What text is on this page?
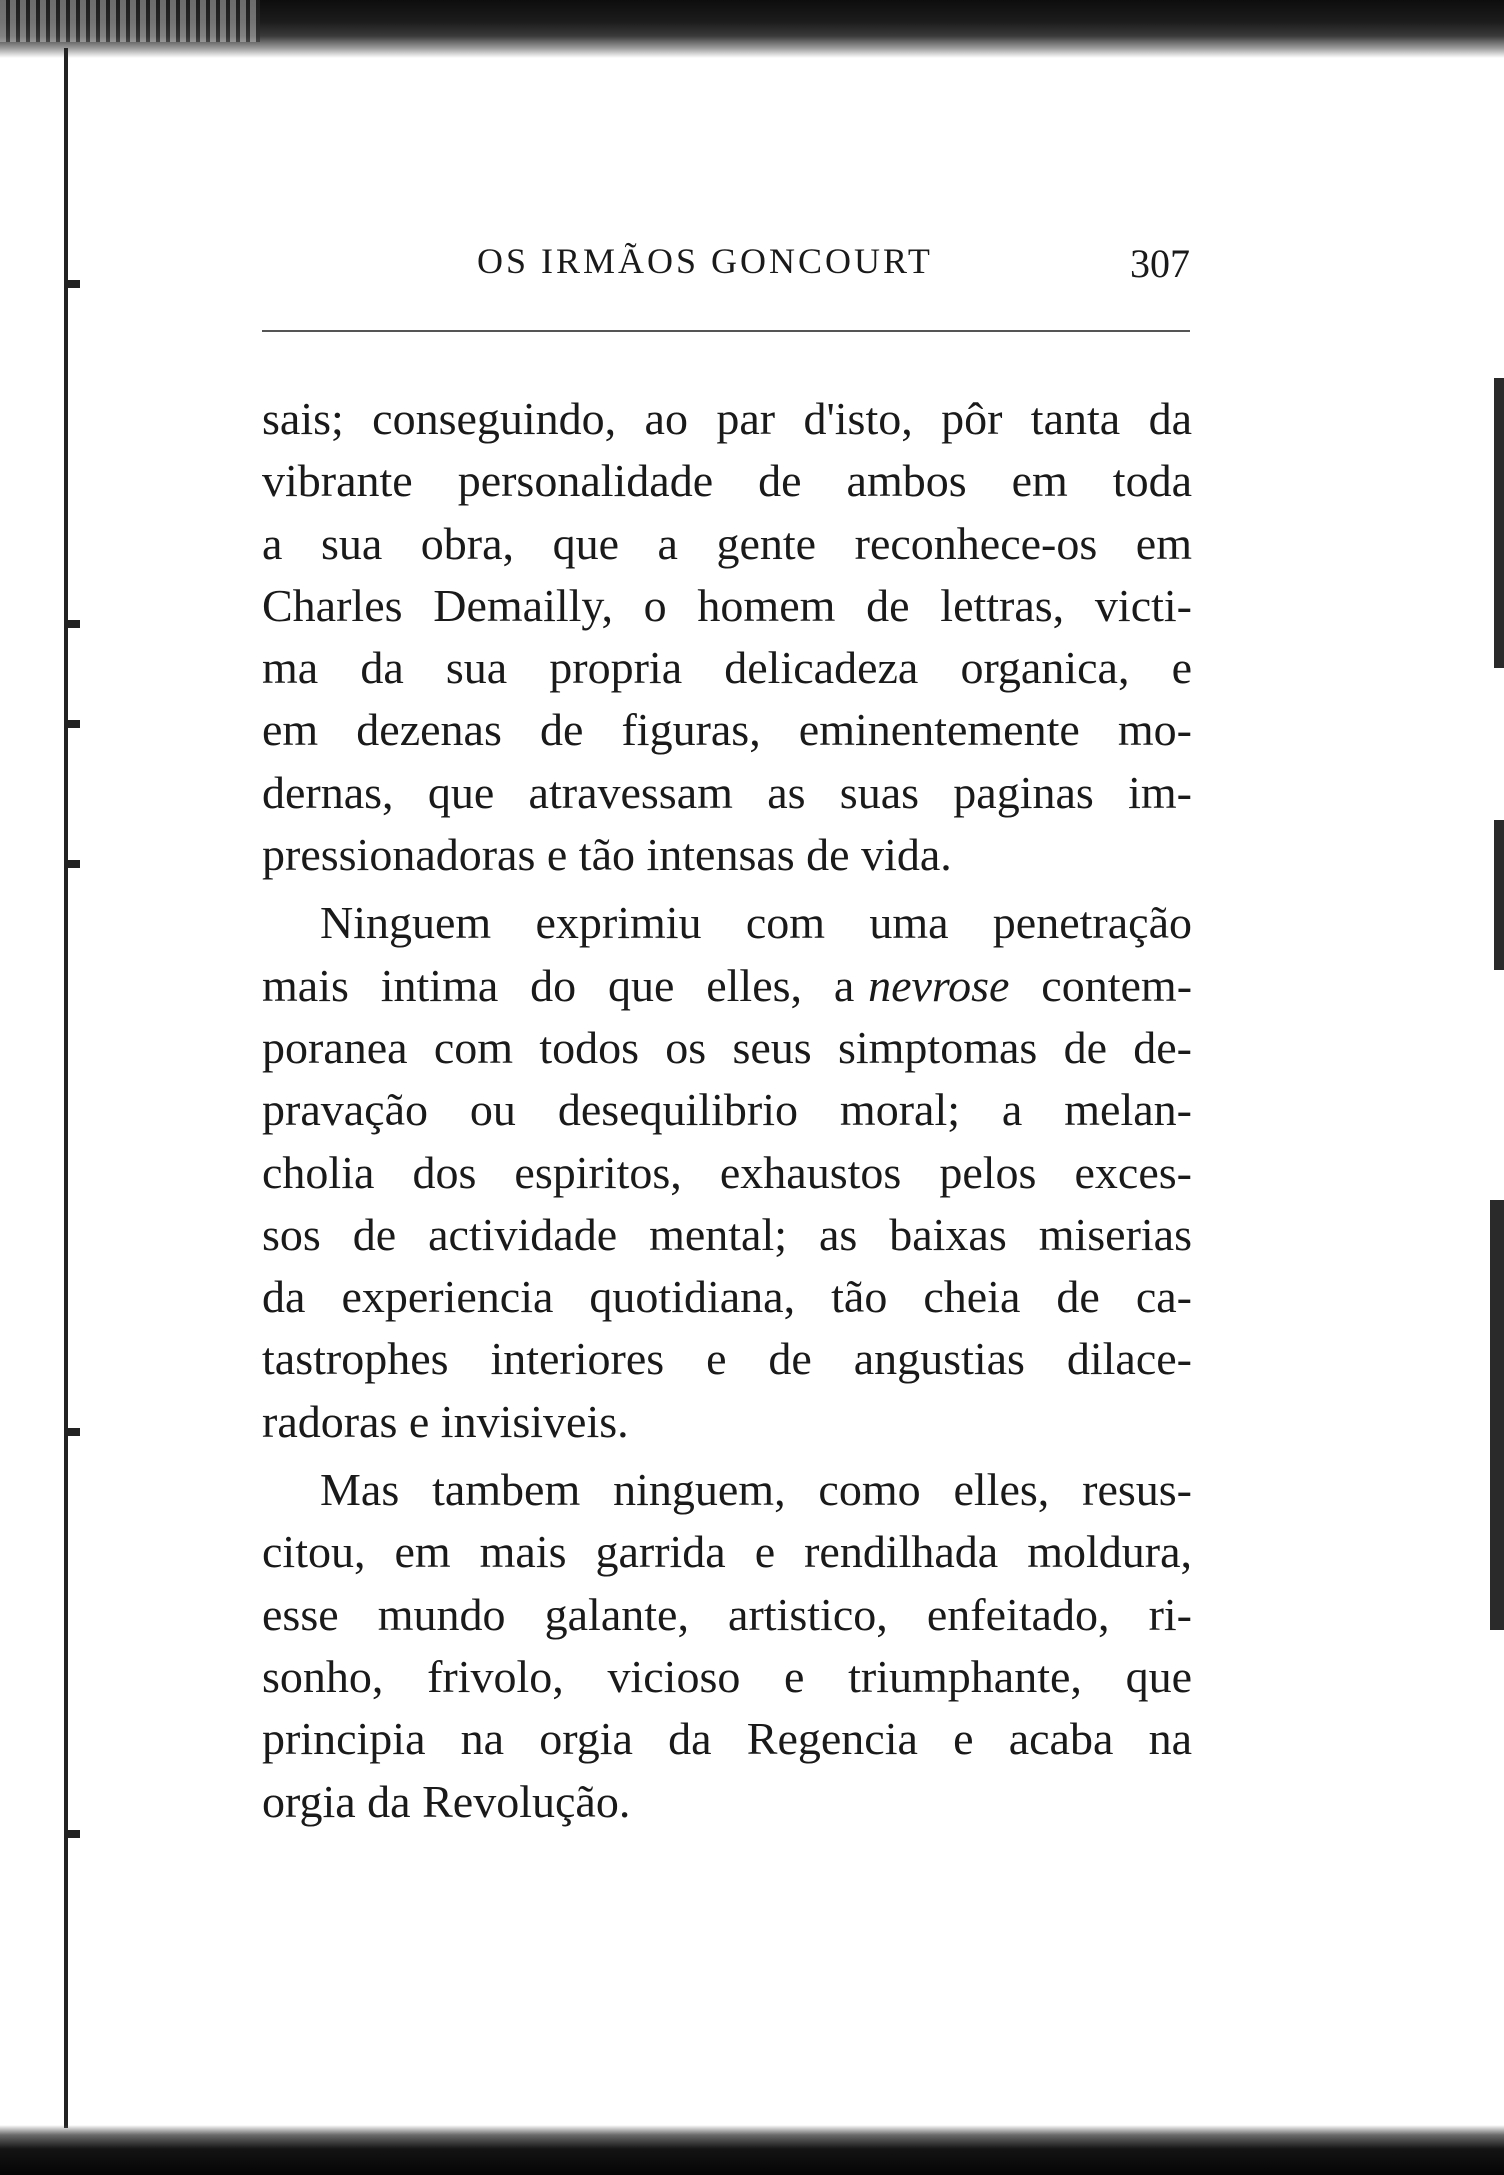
OS IRMÃOS GONCOURT	307
sais; conseguindo, ao par d'isto, pôr tanta da
vibrante personalidade de ambos em toda
a sua obra, que a gente reconhece-os em
Charles Demailly, o homem de lettras, victi-
ma da sua propria delicadeza organica, e
em dezenas de figuras, eminentemente mo-
dernas, que atravessam as suas paginas im-
pressionadoras e tão intensas de vida.
Ninguem exprimiu com uma penetração
mais intima do que elles, a nevrose contem-
poranea com todos os seus simptomas de de-
pravação ou desequilibrio moral; a melan-
cholia dos espiritos, exhaustos pelos exces-
sos de actividade mental; as baixas miserias
da experiencia quotidiana, tão cheia de ca-
tastrophes interiores e de angustias dilace-
radoras e invisiveis.
Mas tambem ninguem, como elles, resus-
citou, em mais garrida e rendilhada moldura,
esse mundo galante, artistico, enfeitado, ri-
sonho, frivolo, vicioso e triumphante, que
principia na orgia da Regencia e acaba na
orgia da Revolução.
